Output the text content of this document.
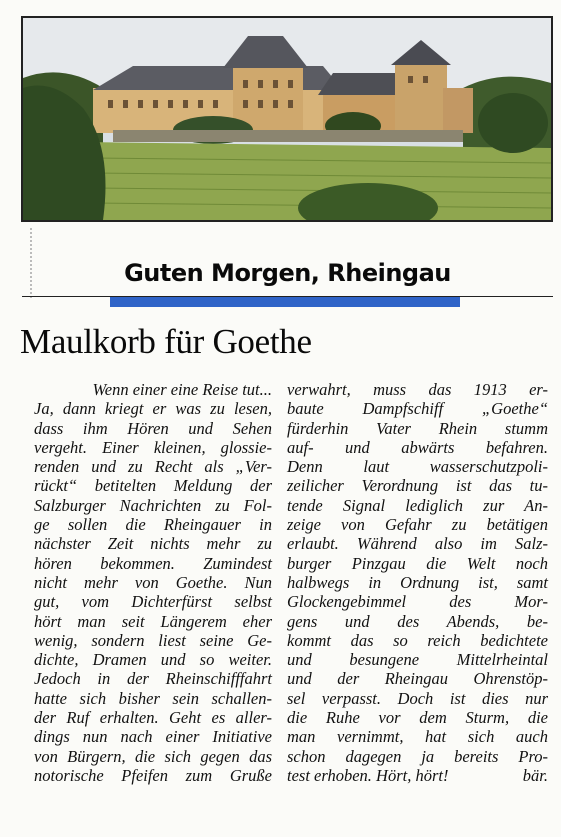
Guten Morgen, Rheingau
Maulkorb für Goethe
Wenn einer eine Reise tut...
Ja, dann kriegt er was zu lesen,
dass ihm Hören und Sehen
vergeht. Einer kleinen, glossie-
renden und zu Recht als „Ver-
rückt“ betitelten Meldung der
Salzburger Nachrichten zu Fol-
ge sollen die Rheingauer in
nächster Zeit nichts mehr zu
hören bekommen. Zumindest
nicht mehr von Goethe. Nun
gut, vom Dichterfürst selbst
hört man seit Längerem eher
wenig, sondern liest seine Ge-
dichte, Dramen und so weiter.
Jedoch in der Rheinschifffahrt
hatte sich bisher sein schallen-
der Ruf erhalten. Geht es aller-
dings nun nach einer Initiative
von Bürgern, die sich gegen das
notorische Pfeifen zum Gruße
verwahrt, muss das 1913 er-
baute Dampfschiff „Goethe“
fürderhin Vater Rhein stumm
auf- und abwärts befahren.
Denn laut wasserschutzpoli-
zeilicher Verordnung ist das tu-
tende Signal lediglich zur An-
zeige von Gefahr zu betätigen
erlaubt. Während also im Salz-
burger Pinzgau die Welt noch
halbwegs in Ordnung ist, samt
Glockengebimmel des Mor-
gens und des Abends, be-
kommt das so reich bedichtete
und besungene Mittelrheintal
und der Rheingau Ohrenstöp-
sel verpasst. Doch ist dies nur
die Ruhe vor dem Sturm, die
man vernimmt, hat sich auch
schon dagegen ja bereits Pro-
test erhoben. Hört, hört!	bär.
